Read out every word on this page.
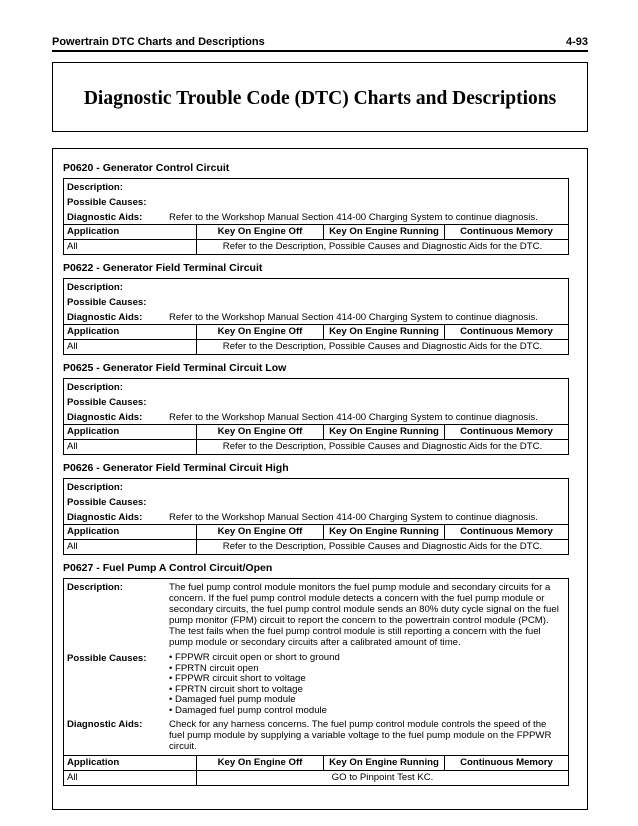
Powertrain DTC Charts and Descriptions	4-93
Diagnostic Trouble Code (DTC) Charts and Descriptions
P0620 - Generator Control Circuit
Description:
Possible Causes:
Diagnostic Aids:	Refer to the Workshop Manual Section 414-00 Charging System to continue diagnosis.
Application	Key On Engine Off	Key On Engine Running	Continuous Memory
All	Refer to the Description, Possible Causes and Diagnostic Aids for the DTC.
P0622 - Generator Field Terminal Circuit
Description:
Possible Causes:
Diagnostic Aids:	Refer to the Workshop Manual Section 414-00 Charging System to continue diagnosis.
Application	Key On Engine Off	Key On Engine Running	Continuous Memory
All	Refer to the Description, Possible Causes and Diagnostic Aids for the DTC.
P0625 - Generator Field Terminal Circuit Low
Description:
Possible Causes:
Diagnostic Aids:	Refer to the Workshop Manual Section 414-00 Charging System to continue diagnosis.
Application	Key On Engine Off	Key On Engine Running	Continuous Memory
All	Refer to the Description, Possible Causes and Diagnostic Aids for the DTC.
P0626 - Generator Field Terminal Circuit High
Description:
Possible Causes:
Diagnostic Aids:	Refer to the Workshop Manual Section 414-00 Charging System to continue diagnosis.
Application	Key On Engine Off	Key On Engine Running	Continuous Memory
All	Refer to the Description, Possible Causes and Diagnostic Aids for the DTC.
P0627 - Fuel Pump A Control Circuit/Open
Description:	The fuel pump control module monitors the fuel pump module and secondary circuits for a concern. If the fuel pump control module detects a concern with the fuel pump module or secondary circuits, the fuel pump control module sends an 80% duty cycle signal on the fuel pump monitor (FPM) circuit to report the concern to the powertrain control module (PCM). The test fails when the fuel pump control module is still reporting a concern with the fuel pump module or secondary circuits after a calibrated amount of time.
Possible Causes:
•	FPPWR circuit open or short to ground
• FPRTN circuit open
• FPPWR circuit short to voltage
• FPRTN circuit short to voltage
• Damaged fuel pump module
• Damaged fuel pump control module
Diagnostic Aids:	Check for any harness concerns. The fuel pump control module controls the speed of the fuel pump module by supplying a variable voltage to the fuel pump module on the FPPWR circuit.
Application	Key On Engine Off	Key On Engine Running	Continuous Memory
All	GO to Pinpoint Test KC.
